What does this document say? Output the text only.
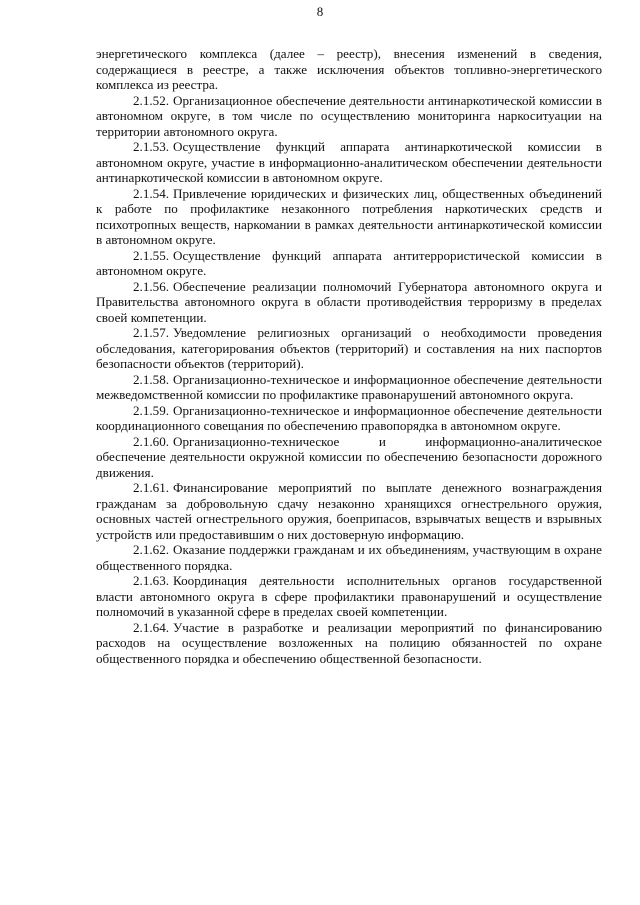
8

энергетического комплекса (далее – реестр), внесения изменений в сведения, содержащиеся в реестре, а также исключения объектов топливно-энергетического комплекса из реестра.

2.1.52. Организационное обеспечение деятельности антинаркотической комиссии в автономном округе, в том числе по осуществлению мониторинга наркоситуации на территории автономного округа.

2.1.53. Осуществление функций аппарата антинаркотической комиссии в автономном округе, участие в информационно-аналитическом обеспечении деятельности антинаркотической комиссии в автономном округе.

2.1.54. Привлечение юридических и физических лиц, общественных объединений к работе по профилактике незаконного потребления наркотических средств и психотропных веществ, наркомании в рамках деятельности антинаркотической комиссии в автономном округе.

2.1.55. Осуществление функций аппарата антитеррористической комиссии в автономном округе.

2.1.56. Обеспечение реализации полномочий Губернатора автономного округа и Правительства автономного округа в области противодействия терроризму в пределах своей компетенции.

2.1.57. Уведомление религиозных организаций о необходимости проведения обследования, категорирования объектов (территорий) и составления на них паспортов безопасности объектов (территорий).

2.1.58. Организационно-техническое и информационное обеспечение деятельности межведомственной комиссии по профилактике правонарушений автономного округа.

2.1.59. Организационно-техническое и информационное обеспечение деятельности координационного совещания по обеспечению правопорядка в автономном округе.

2.1.60. Организационно-техническое и информационно-аналитическое обеспечение деятельности окружной комиссии по обеспечению безопасности дорожного движения.

2.1.61. Финансирование мероприятий по выплате денежного вознаграждения гражданам за добровольную сдачу незаконно хранящихся огнестрельного оружия, основных частей огнестрельного оружия, боеприпасов, взрывчатых веществ и взрывных устройств или предоставившим о них достоверную информацию.

2.1.62. Оказание поддержки гражданам и их объединениям, участвующим в охране общественного порядка.

2.1.63. Координация деятельности исполнительных органов государственной власти автономного округа в сфере профилактики правонарушений и осуществление полномочий в указанной сфере в пределах своей компетенции.

2.1.64. Участие в разработке и реализации мероприятий по финансированию расходов на осуществление возложенных на полицию обязанностей по охране общественного порядка и обеспечению общественной безопасности.
